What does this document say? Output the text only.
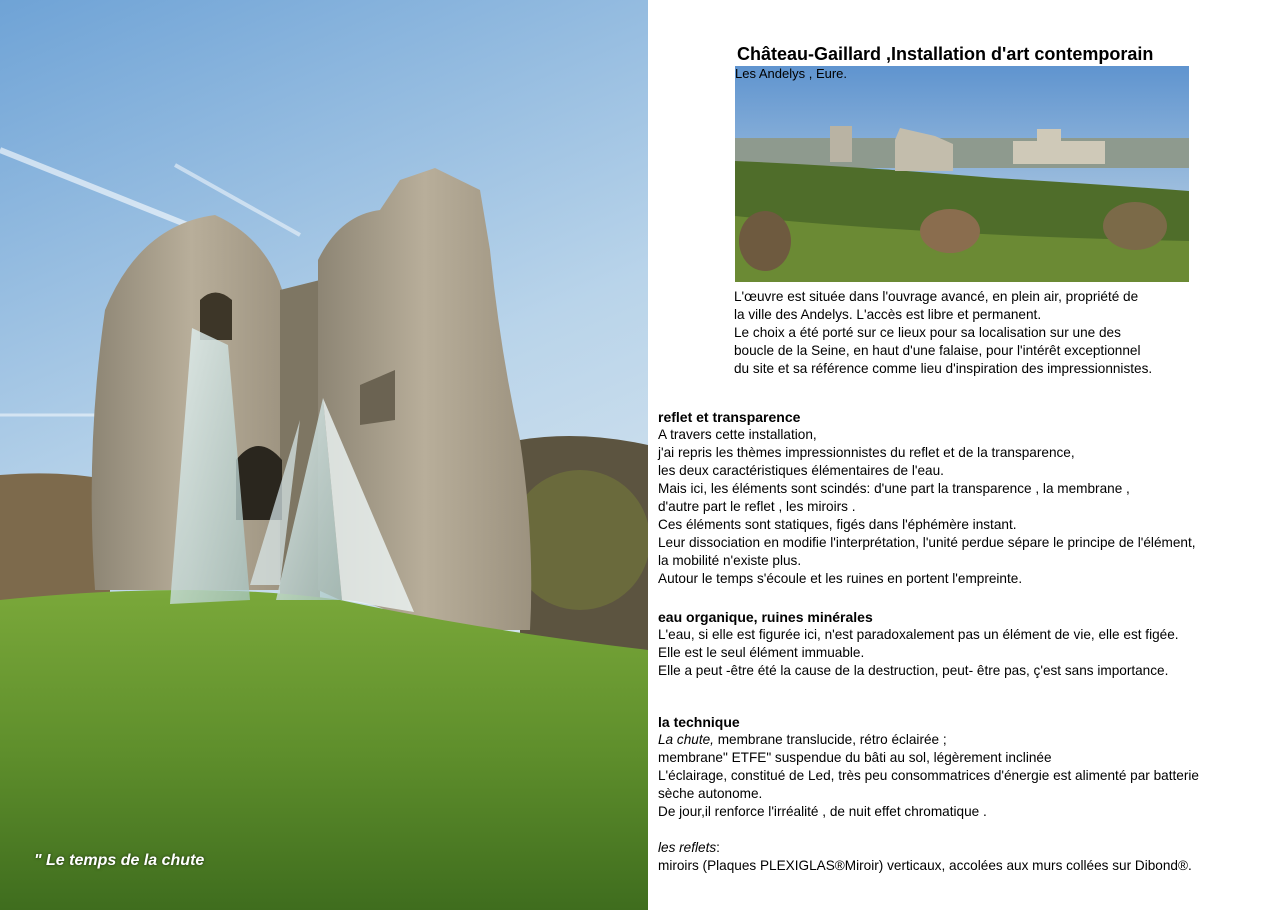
" Le temps de la chute
Château-Gaillard ,Installation d'art contemporain
Les Andelys , Eure.

L'œuvre est située dans l'ouvrage avancé, en plein air, propriété de

la ville des Andelys. L'accès est libre et permanent.

Le choix a été porté sur ce lieux pour sa localisation sur une des

boucle de la Seine, en haut d'une falaise, pour l'intérêt exceptionnel

du site et sa référence comme lieu d'inspiration des impressionnistes.

reflet et transparence

A travers cette installation,

j'ai repris les thèmes impressionnistes du reflet et de la transparence,

les deux caractéristiques élémentaires de l'eau.

Mais ici, les éléments sont scindés: d'une part la transparence , la membrane ,

d'autre part le reflet , les miroirs .

Ces éléments sont statiques, figés dans l'éphémère instant.

Leur dissociation en modifie l'interprétation, l'unité perdue sépare le principe de l'élément,

la mobilité n'existe plus.

Autour le temps s'écoule et les ruines en portent l'empreinte.

eau organique, ruines minérales

L'eau, si elle est figurée ici, n'est paradoxalement pas un élément de vie, elle est figée.

Elle est le seul élément immuable.

Elle a peut -être été la cause de la destruction, peut- être pas, ç'est sans importance.

la technique

La chute, membrane translucide, rétro éclairée ;

membrane" ETFE" suspendue du bâti au sol, légèrement inclinée

L'éclairage, constitué de Led, très peu consommatrices d'énergie est alimenté par batterie

sèche autonome.

De jour,il renforce l'irréalité , de nuit effet chromatique .

les reflets:

miroirs (Plaques PLEXIGLAS®Miroir) verticaux, accolées aux murs collées sur Dibond®.
